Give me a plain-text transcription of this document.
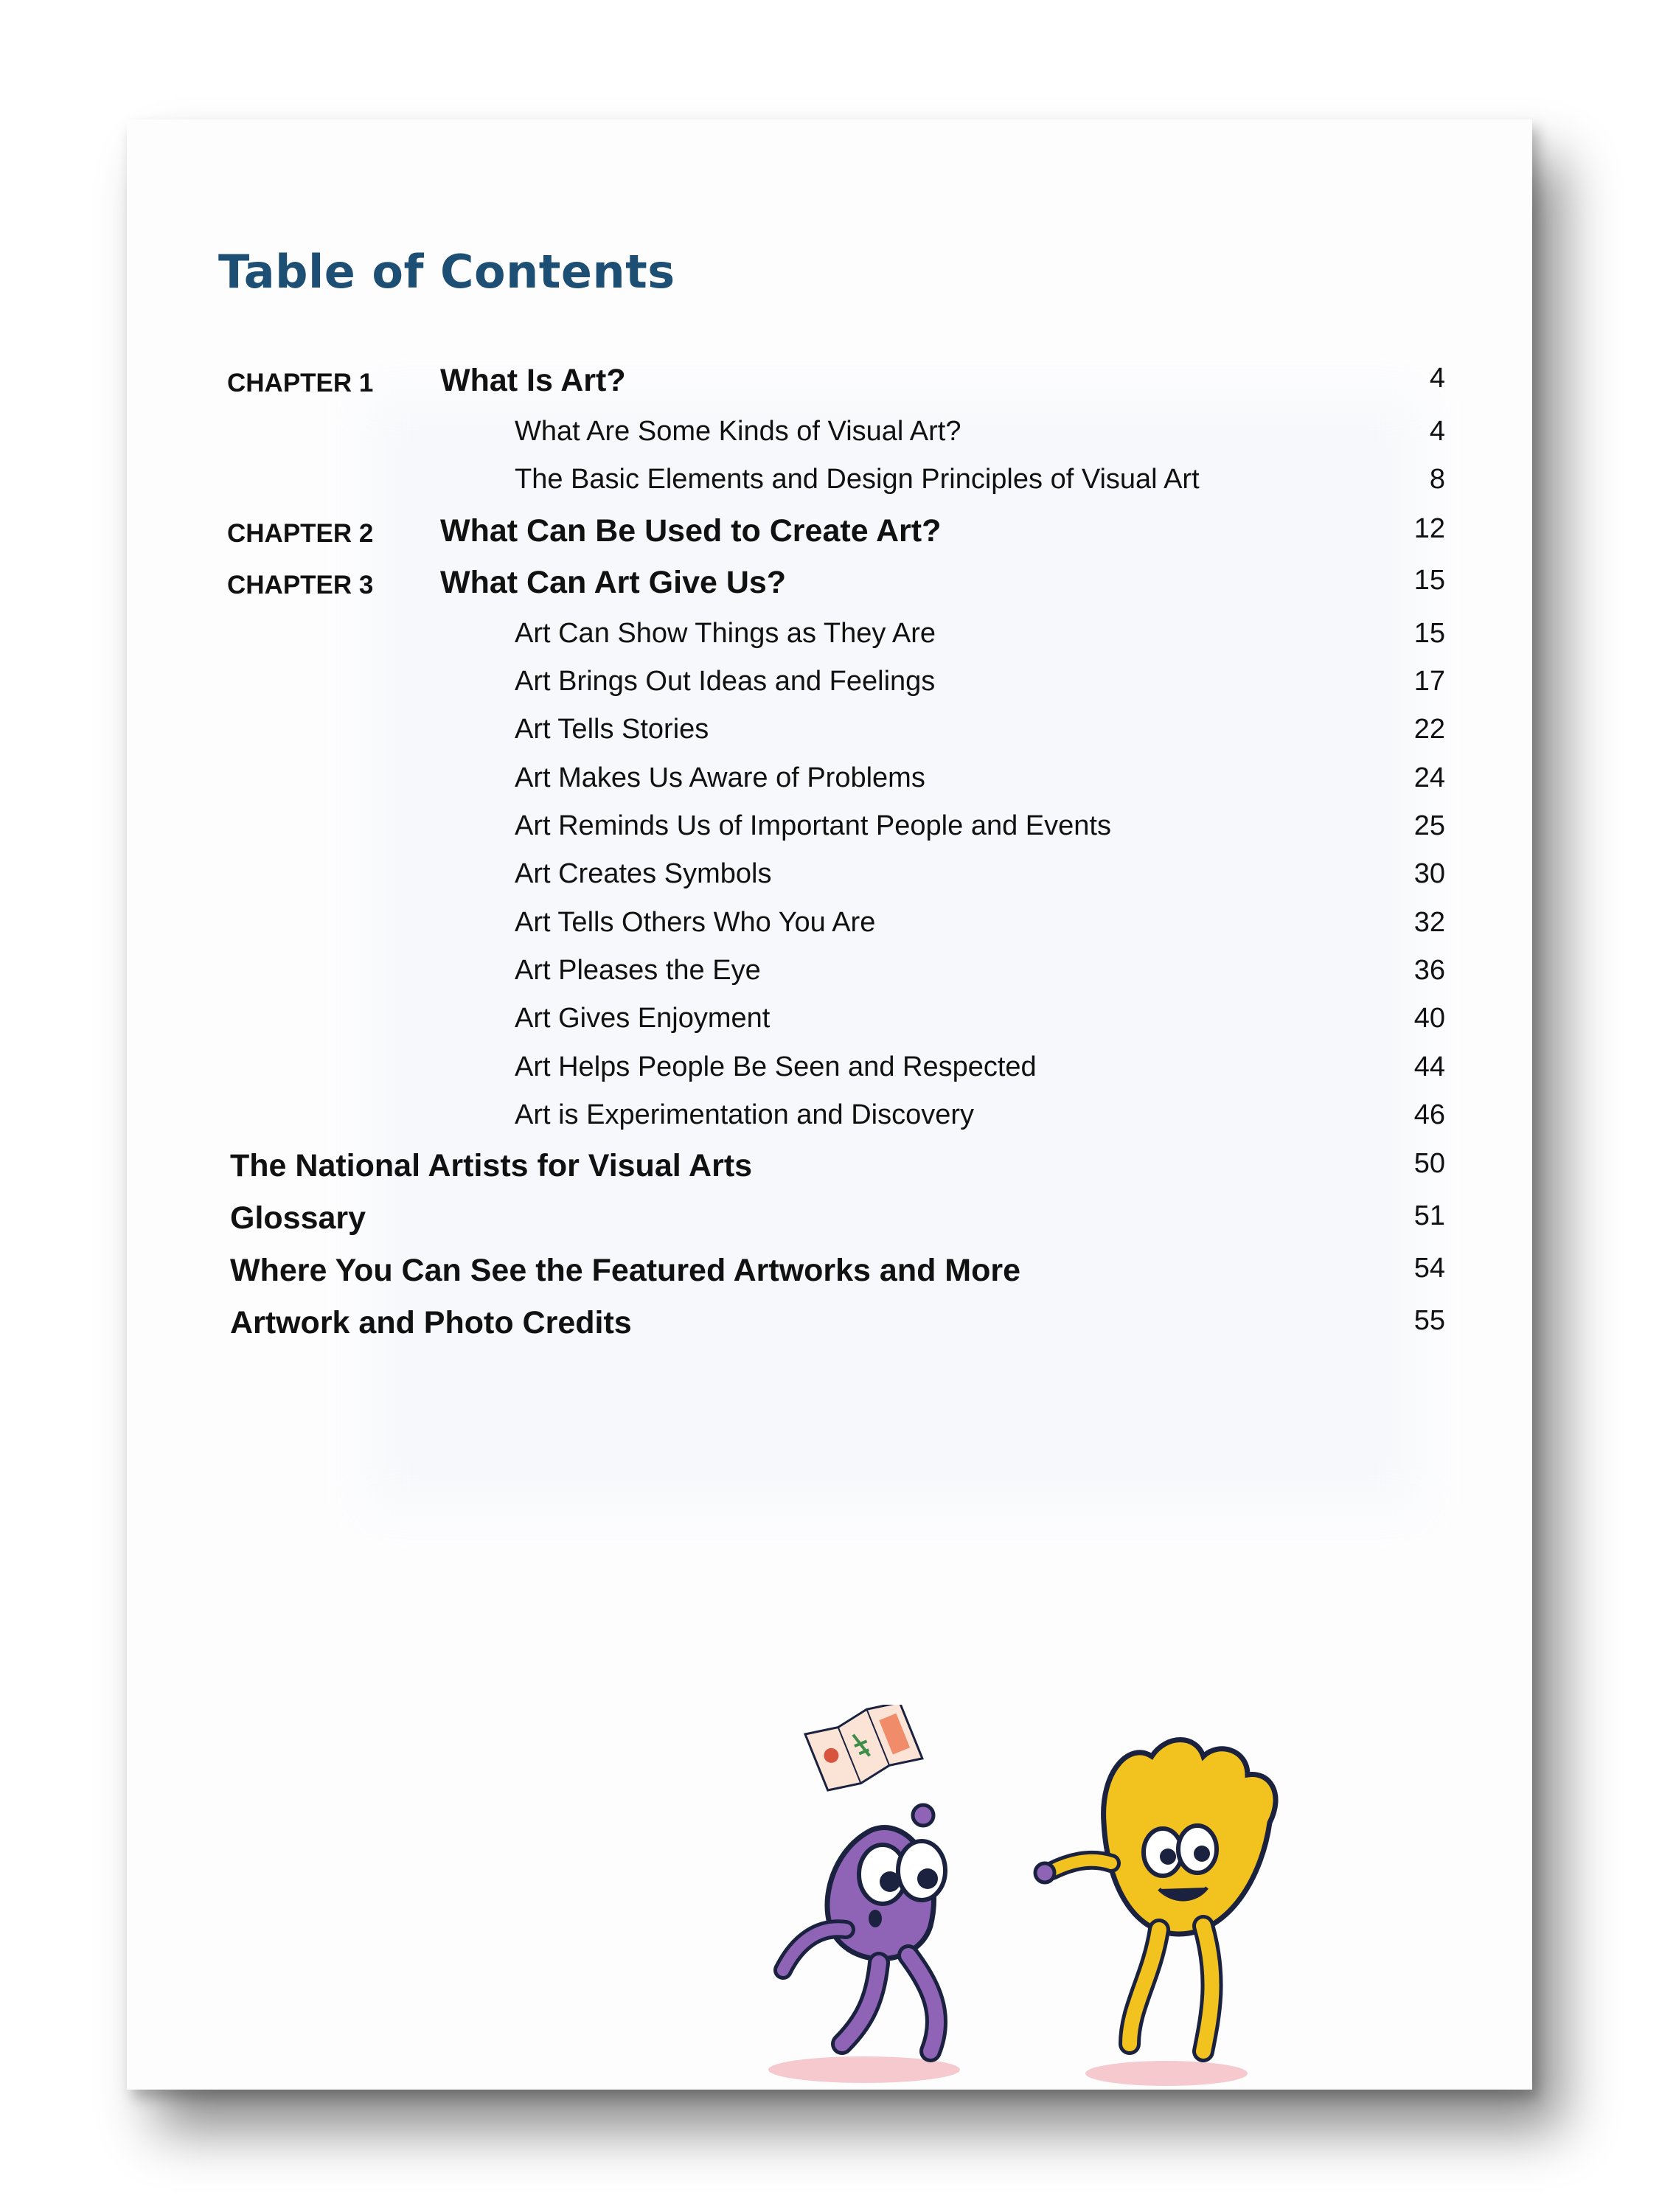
Table of Contents
CHAPTER 1 What Is Art?	4
What Are Some Kinds of Visual Art?	4
The Basic Elements and Design Principles of Visual Art	8
CHAPTER 2 What Can Be Used to Create Art?	12
CHAPTER 3 What Can Art Give Us?	15
Art Can Show Things as They Are	15
Art Brings Out Ideas and Feelings	17
Art Tells Stories	22
Art Makes Us Aware of Problems	24
Art Reminds Us of Important People and Events	25
Art Creates Symbols	30
Art Tells Others Who You Are	32
Art Pleases the Eye	36
Art Gives Enjoyment	40
Art Helps People Be Seen and Respected	44
Art is Experimentation and Discovery	46
The National Artists for Visual Arts	50
Glossary	51
Where You Can See the Featured Artworks and More	54
Artwork and Photo Credits	55
